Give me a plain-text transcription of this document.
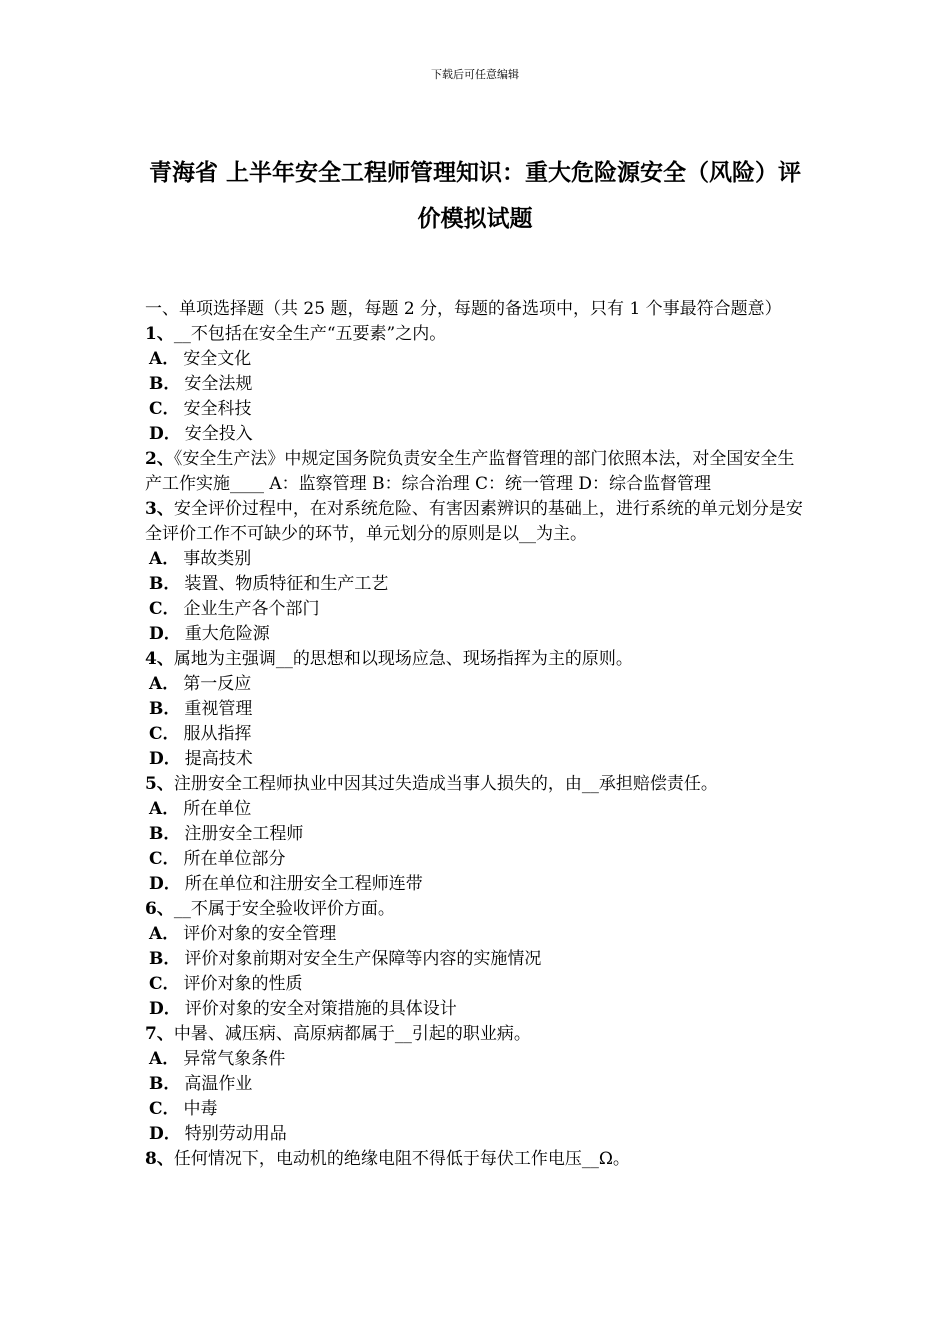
下载后可任意编辑
青海省 上半年安全工程师管理知识：重大危险源安全（风险）评价模拟试题

一、单项选择题（共 25 题，每题 2 分，每题的备选项中，只有 1 个事最符合题意）

1、__不包括在安全生产“五要素”之内。

A． 安全文化

B． 安全法规

C． 安全科技

D． 安全投入

2、《安全生产法》中规定国务院负责安全生产监督管理的部门依照本法，对全国安全生产工作实施____ A：监察管理 B：综合治理 C：统一管理 D：综合监督管理

3、安全评价过程中，在对系统危险、有害因素辨识的基础上，进行系统的单元划分是安全评价工作不可缺少的环节，单元划分的原则是以__为主。

A． 事故类别

B． 装置、物质特征和生产工艺

C． 企业生产各个部门

D． 重大危险源

4、属地为主强调__的思想和以现场应急、现场指挥为主的原则。

A． 第一反应

B． 重视管理

C． 服从指挥

D． 提高技术

5、注册安全工程师执业中因其过失造成当事人损失的，由__承担赔偿责任。

A． 所在单位

B． 注册安全工程师

C． 所在单位部分

D． 所在单位和注册安全工程师连带

6、__不属于安全验收评价方面。

A． 评价对象的安全管理

B． 评价对象前期对安全生产保障等内容的实施情况

C． 评价对象的性质

D． 评价对象的安全对策措施的具体设计

7、中暑、减压病、高原病都属于__引起的职业病。

A． 异常气象条件

B． 高温作业

C． 中毒

D． 特别劳动用品

8、任何情况下，电动机的绝缘电阻不得低于每伏工作电压__Ω。
